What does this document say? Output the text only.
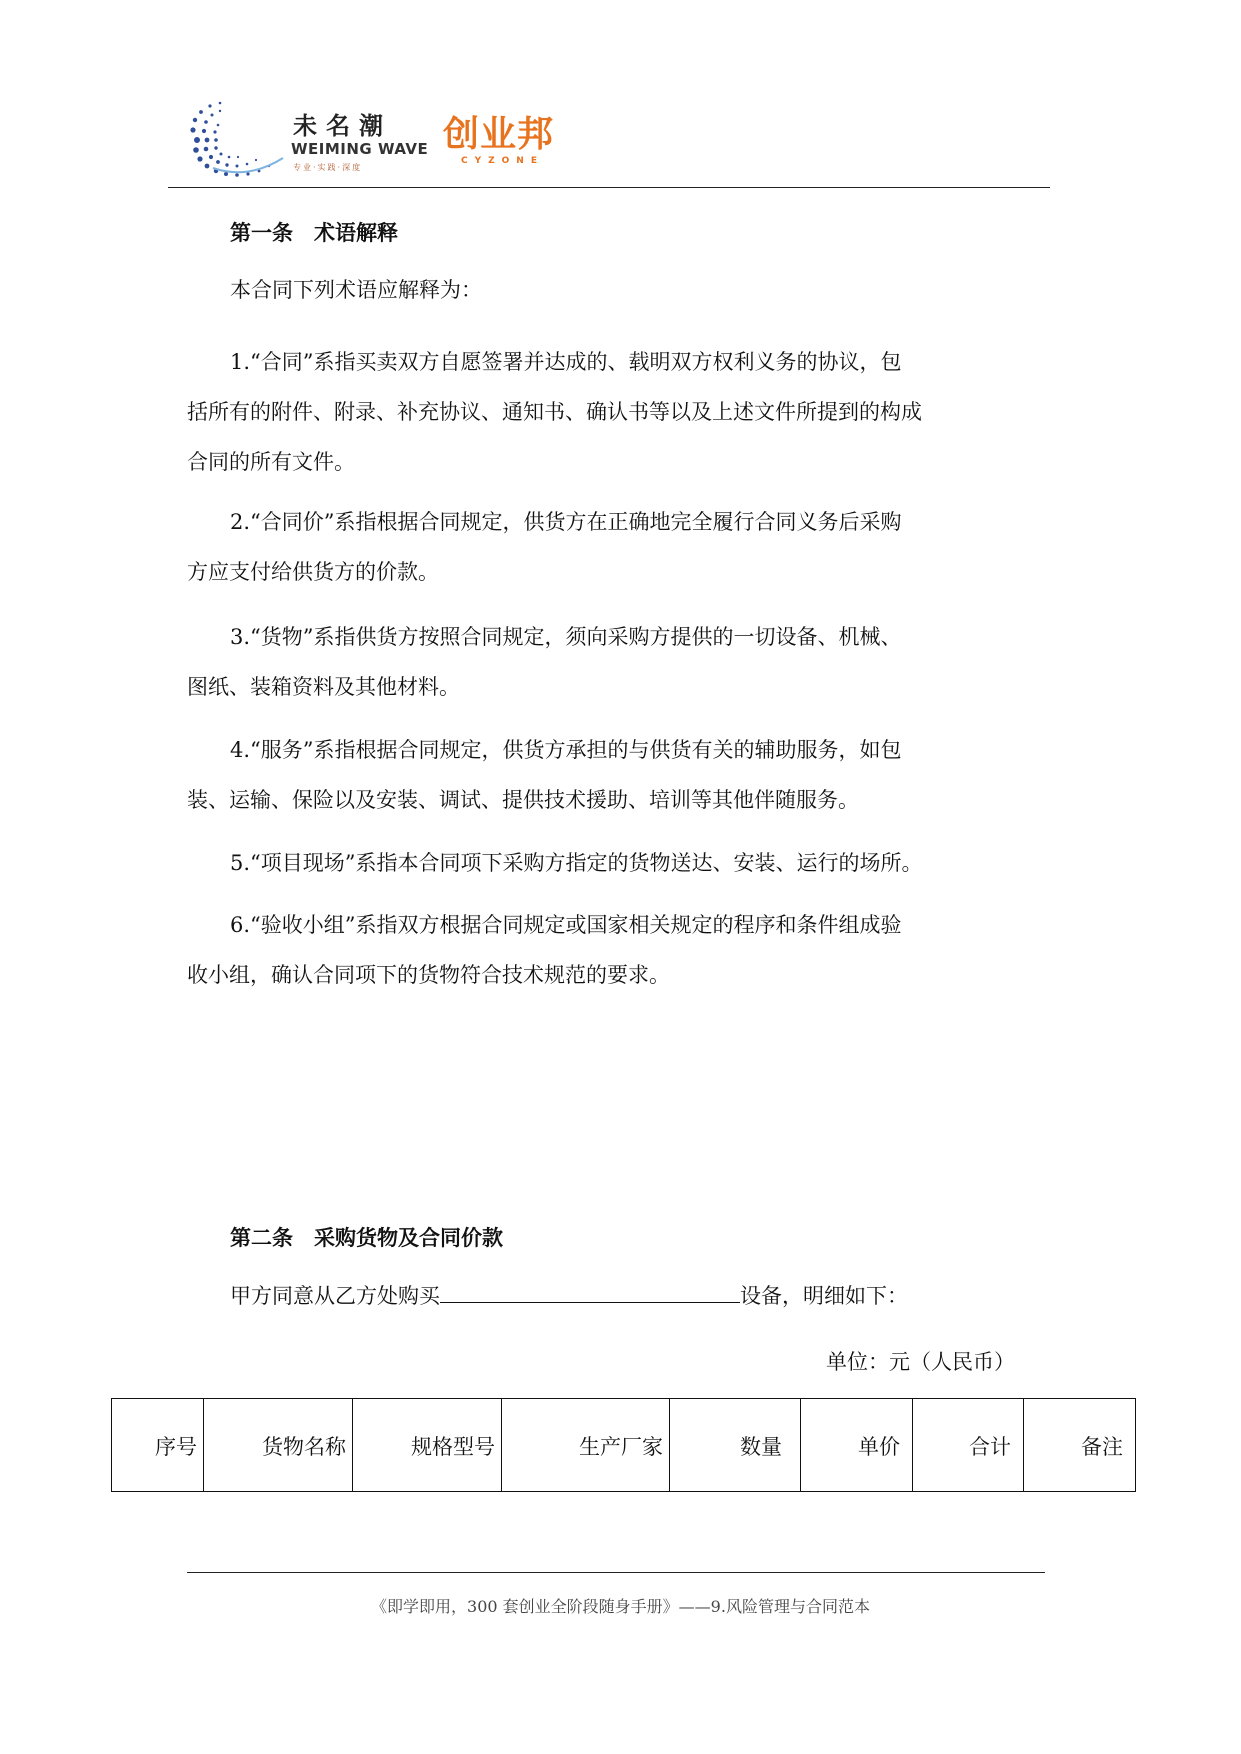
未名潮
WEIMING WAVE
专业·实践·深度
创业邦
CYZONE
第一条　术语解释
本合同下列术语应解释为：
1.“合同”系指买卖双方自愿签署并达成的、载明双方权利义务的协议，包
括所有的附件、附录、补充协议、通知书、确认书等以及上述文件所提到的构成
合同的所有文件。
2.“合同价”系指根据合同规定，供货方在正确地完全履行合同义务后采购
方应支付给供货方的价款。
3.“货物”系指供货方按照合同规定，须向采购方提供的一切设备、机械、
图纸、装箱资料及其他材料。
4.“服务”系指根据合同规定，供货方承担的与供货有关的辅助服务，如包
装、运输、保险以及安装、调试、提供技术援助、培训等其他伴随服务。
5.“项目现场”系指本合同项下采购方指定的货物送达、安装、运行的场所。
6.“验收小组”系指双方根据合同规定或国家相关规定的程序和条件组成验
收小组，确认合同项下的货物符合技术规范的要求。
第二条　采购货物及合同价款
甲方同意从乙方处购买	设备，明细如下：
单位：元（人民币）
序号	货物名称	规格型号	生产厂家	数量	单价	合计	备注
《即学即用，300 套创业全阶段随身手册》——9.风险管理与合同范本
